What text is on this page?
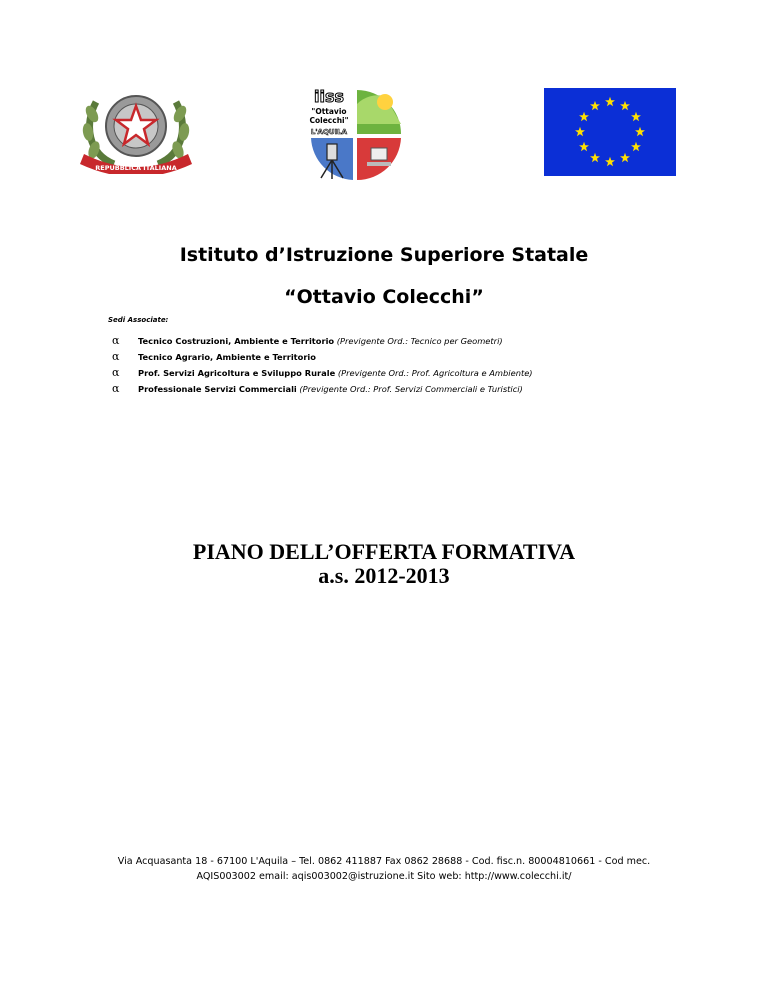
REPUBBLICA ITALIANA
iiss
"Ottavio
Colecchi"
L'AQUILA
Istituto d’Istruzione Superiore Statale
“Ottavio Colecchi”
Sedi Associate:
α Tecnico Costruzioni, Ambiente e Territorio (Previgente Ord.: Tecnico per Geometri)
α Tecnico Agrario, Ambiente e Territorio
α Prof. Servizi Agricoltura e Sviluppo Rurale (Previgente Ord.: Prof. Agricoltura e Ambiente)
α Professionale Servizi Commerciali (Previgente Ord.: Prof. Servizi Commerciali e Turistici)
PIANO DELL’OFFERTA FORMATIVA
a.s. 2012-2013
Via Acquasanta 18 - 67100 L'Aquila – Tel. 0862 411887 Fax 0862 28688 - Cod. fisc.n. 80004810661 - Cod mec.
AQIS003002 email: aqis003002@istruzione.it Sito web: http://www.colecchi.it/
